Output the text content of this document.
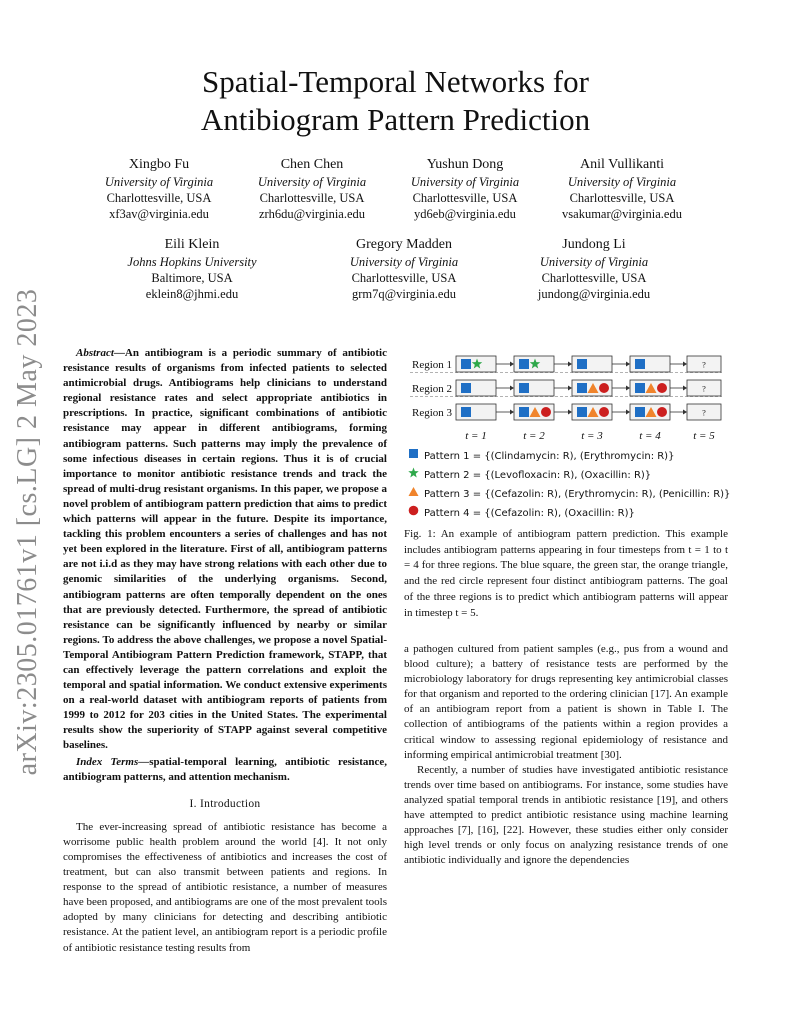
arXiv:2305.01761v1 [cs.LG] 2 May 2023
Spatial-Temporal Networks for
Antibiogram Pattern Prediction
Xingbo Fu
University of Virginia
Charlottesville, USA
xf3av@virginia.edu
Chen Chen
University of Virginia
Charlottesville, USA
zrh6du@virginia.edu
Yushun Dong
University of Virginia
Charlottesville, USA
yd6eb@virginia.edu
Anil Vullikanti
University of Virginia
Charlottesville, USA
vsakumar@virginia.edu
Eili Klein
Johns Hopkins University
Baltimore, USA
eklein8@jhmi.edu
Gregory Madden
University of Virginia
Charlottesville, USA
grm7q@virginia.edu
Jundong Li
University of Virginia
Charlottesville, USA
jundong@virginia.edu

Abstract—An antibiogram is a periodic summary of antibiotic resistance results of organisms from infected patients to selected antimicrobial drugs. Antibiograms help clinicians to understand regional resistance rates and select appropriate antibiotics in prescriptions. In practice, significant combinations of antibiotic resistance may appear in different antibiograms, forming antibiogram patterns. Such patterns may imply the prevalence of some infectious diseases in certain regions. Thus it is of crucial importance to monitor antibiotic resistance trends and track the spread of multi-drug resistant organisms. In this paper, we propose a novel problem of antibiogram pattern prediction that aims to predict which patterns will appear in the future. Despite its importance, tackling this problem encounters a series of challenges and has not yet been explored in the literature. First of all, antibiogram patterns are not i.i.d as they may have strong relations with each other due to genomic similarities of the underlying organisms. Second, antibiogram patterns are often temporally dependent on the ones that are previously detected. Furthermore, the spread of antibiotic resistance can be significantly influenced by nearby or similar regions. To address the above challenges, we propose a novel Spatial-Temporal Antibiogram Pattern Prediction framework, STAPP, that can effectively leverage the pattern correlations and exploit the temporal and spatial information. We conduct extensive experiments on a real-world dataset with antibiogram reports of patients from 1999 to 2012 for 203 cities in the United States. The experimental results show the superiority of STAPP against several competitive baselines.

Index Terms—spatial-temporal learning, antibiotic resistance, antibiogram patterns, and attention mechanism.

I. Introduction

The ever-increasing spread of antibiotic resistance has become a worrisome public health problem around the world [4]. It not only compromises the effectiveness of antibiotics and increases the cost of treatment, but can also transmit between patients and regions. In response to the spread of antibiotic resistance, a number of measures have been proposed, and antibiograms are one of the most prevalent tools adopted by many clinicians for detecting and describing antibiotic resistance. At the patient level, an antibiogram report is a periodic profile of antibiotic resistance testing results from

Region 1	?
Region 2	?
Region 3	?
t = 1	t = 2	t = 3	t = 4	t = 5
Pattern 1 = {(Clindamycin: R), (Erythromycin: R)}
Pattern 2 = {(Levofloxacin: R), (Oxacillin: R)}
Pattern 3 = {(Cefazolin: R), (Erythromycin: R), (Penicillin: R)}
Pattern 4 = {(Cefazolin: R), (Oxacillin: R)}
Fig. 1: An example of antibiogram pattern prediction. This example includes antibiogram patterns appearing in four timesteps from t = 1 to t = 4 for three regions. The blue square, the green star, the orange triangle, and the red circle represent four distinct antibiogram patterns. The goal of the three regions is to predict which antibiogram patterns will appear in timestep t = 5.

a pathogen cultured from patient samples (e.g., pus from a wound and blood culture); a battery of resistance tests are performed by the microbiology laboratory for drugs representing key antimicrobial classes for that organism and reported to the ordering clinician [17]. An example of an antibiogram report from a patient is shown in Table I. The collection of antibiograms of the patients within a region provides a critical window to assessing regional epidemiology of resistance and informing empirical antimicrobial treatment [30].

Recently, a number of studies have investigated antibiotic resistance trends over time based on antibiograms. For instance, some studies have analyzed spatial temporal trends in antibiotic resistance [19], and others have attempted to predict antibiotic resistance using machine learning approaches [7], [16], [22]. However, these studies either only consider high level trends or only focus on analyzing resistance trends of one antibiotic individually and ignore the dependencies
